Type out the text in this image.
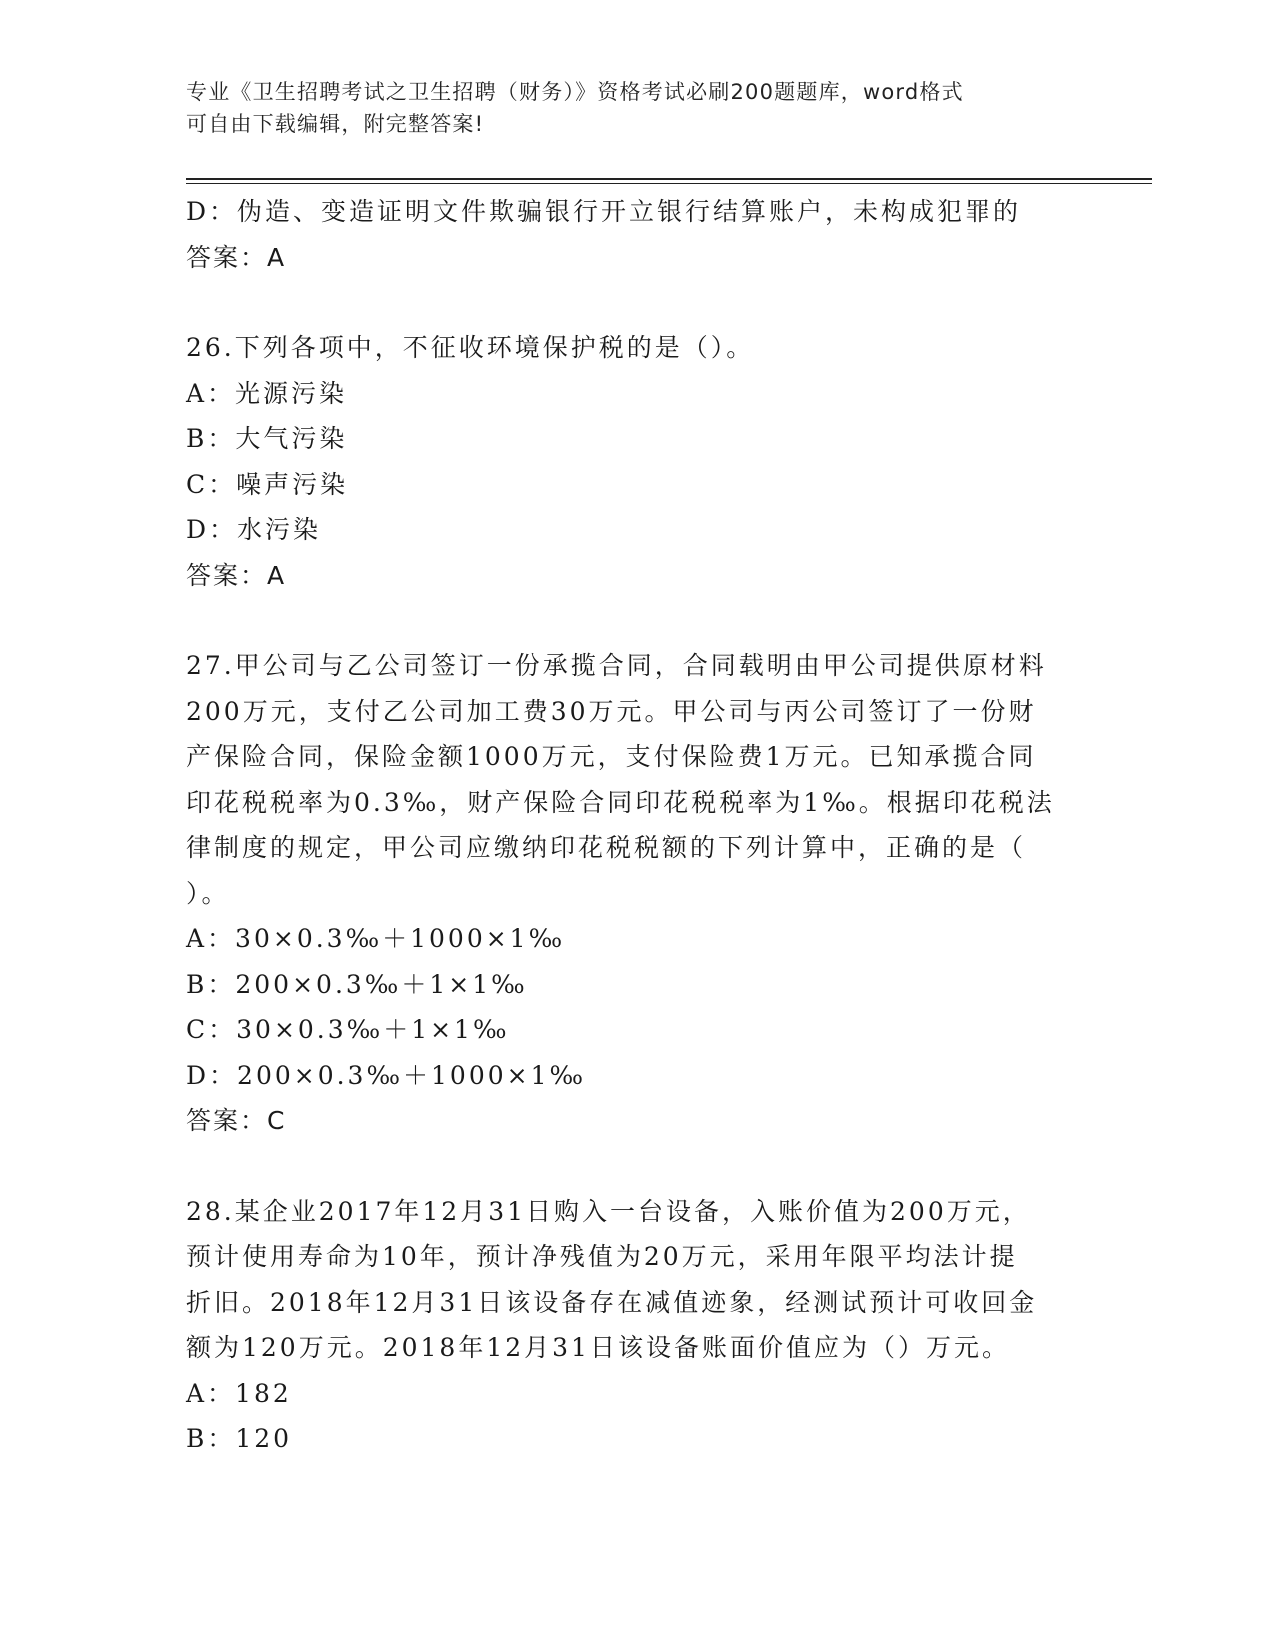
专业《卫生招聘考试之卫生招聘（财务）》资格考试必刷200题题库，word格式
可自由下载编辑，附完整答案!
D：伪造、变造证明文件欺骗银行开立银行结算账户，未构成犯罪的
答案：A
26.下列各项中，不征收环境保护税的是（）。
A：光源污染
B：大气污染
C：噪声污染
D：水污染
答案：A
27.甲公司与乙公司签订一份承揽合同，合同载明由甲公司提供原材料
200万元，支付乙公司加工费30万元。甲公司与丙公司签订了一份财
产保险合同，保险金额1000万元，支付保险费1万元。已知承揽合同
印花税税率为0.3‰，财产保险合同印花税税率为1‰。根据印花税法
律制度的规定，甲公司应缴纳印花税税额的下列计算中，正确的是（
）。
A：30×0.3‰＋1000×1‰
B：200×0.3‰＋1×1‰
C：30×0.3‰＋1×1‰
D：200×0.3‰＋1000×1‰
答案：C
28.某企业2017年12月31日购入一台设备，入账价值为200万元，
预计使用寿命为10年，预计净残值为20万元，采用年限平均法计提
折旧。2018年12月31日该设备存在减值迹象，经测试预计可收回金
额为120万元。2018年12月31日该设备账面价值应为（）万元。
A：182
B：120
